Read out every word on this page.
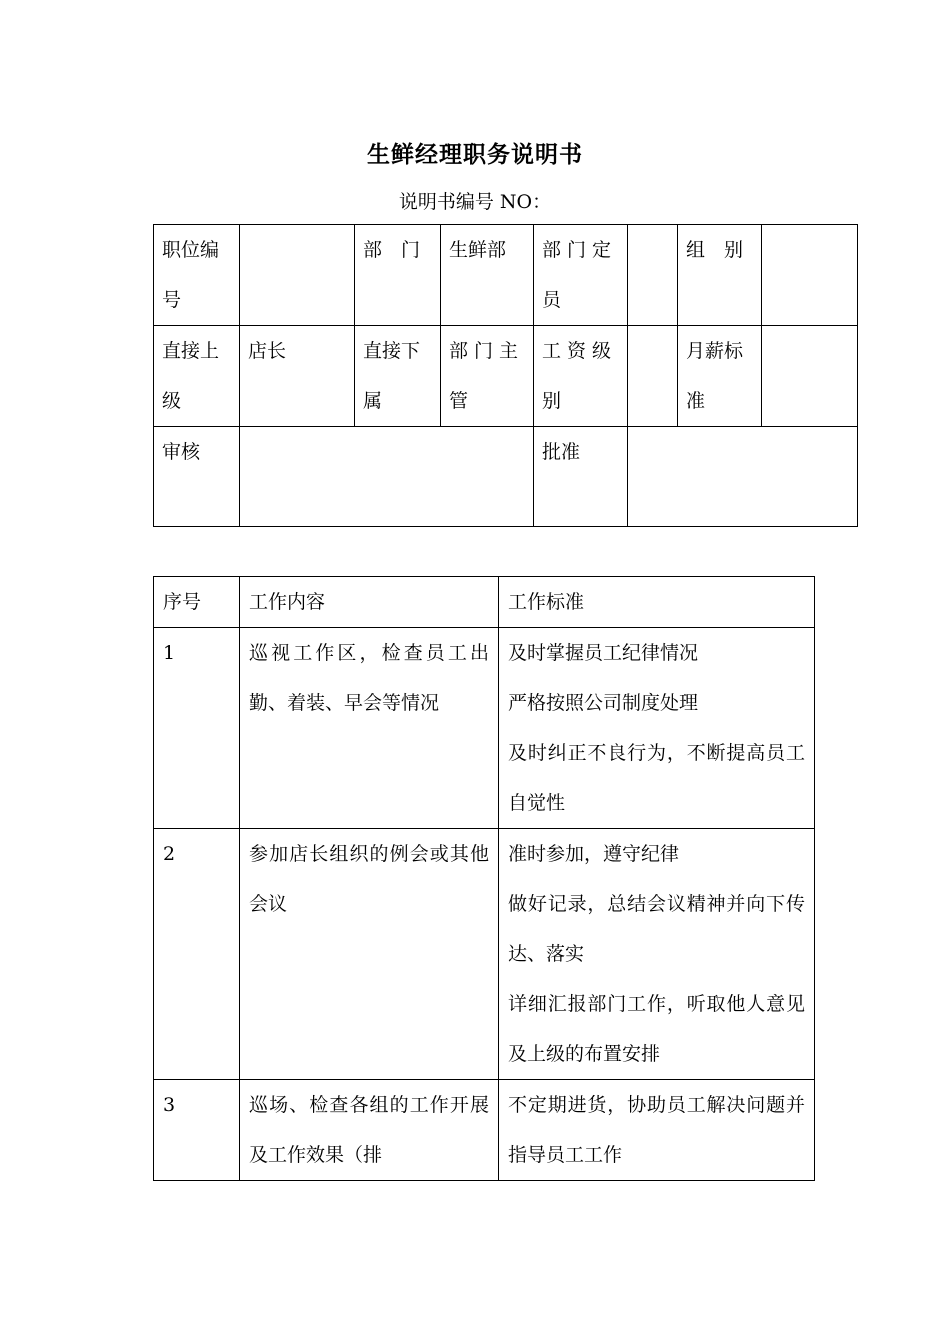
生鲜经理职务说明书
说明书编号 NO：
职位编号		部　门	生鲜部	部门定员		组　别	
直接上级	店长	直接下属	部门主管	工资级别		月薪标准	
审核				批准			
序号	工作内容	工作标准
1	巡视工作区，检查员工出勤、着装、早会等情况	及时掌握员工纪律情况
严格按照公司制度处理
及时纠正不良行为，不断提高员工自觉性

2	参加店长组织的例会或其他会议	准时参加，遵守纪律
做好记录，总结会议精神并向下传达、落实
详细汇报部门工作，听取他人意见及上级的布置安排

3	巡场、检查各组的工作开展及工作效果（排	不定期进货，协助员工解决问题并指导员工工作
